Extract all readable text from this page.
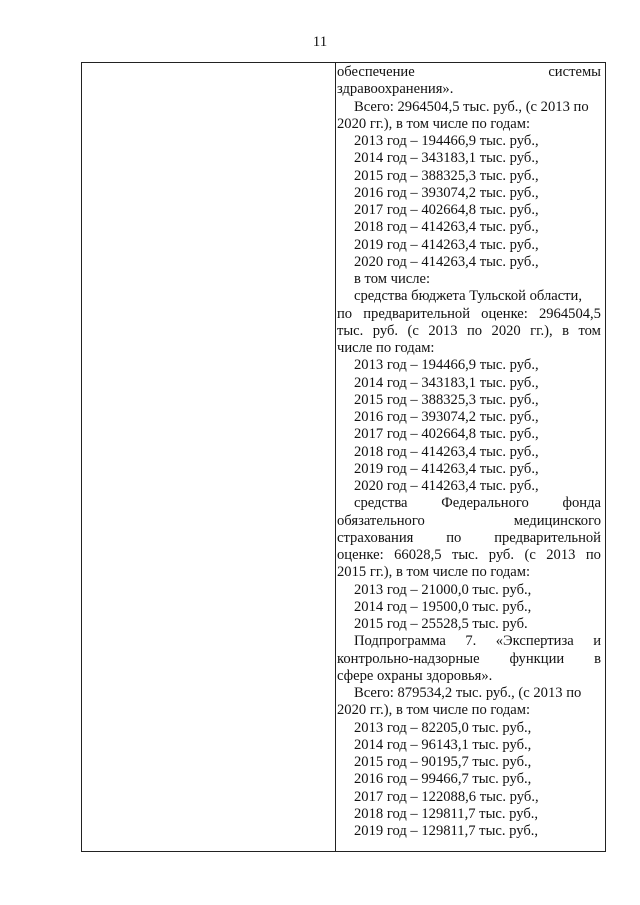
11
обеспечение	системы
здравоохранения».
Всего: 2964504,5 тыс. руб., (с 2013 по
2020 гг.), в том числе по годам:
2013 год – 194466,9 тыс. руб.,
2014 год – 343183,1 тыс. руб.,
2015 год – 388325,3 тыс. руб.,
2016 год – 393074,2 тыс. руб.,
2017 год – 402664,8 тыс. руб.,
2018 год – 414263,4 тыс. руб.,
2019 год – 414263,4 тыс. руб.,
2020 год – 414263,4 тыс. руб.,
в том числе:
средства бюджета Тульской области,
по предварительной оценке: 2964504,5
тыс. руб. (с 2013 по 2020 гг.), в том
числе по годам:
2013 год – 194466,9 тыс. руб.,
2014 год – 343183,1 тыс. руб.,
2015 год – 388325,3 тыс. руб.,
2016 год – 393074,2 тыс. руб.,
2017 год – 402664,8 тыс. руб.,
2018 год – 414263,4 тыс. руб.,
2019 год – 414263,4 тыс. руб.,
2020 год – 414263,4 тыс. руб.,
средства Федерального фонда
обязательного	медицинского
страхования по предварительной
оценке: 66028,5 тыс. руб. (с 2013 по
2015 гг.), в том числе по годам:
2013 год – 21000,0 тыс. руб.,
2014 год – 19500,0 тыс. руб.,
2015 год – 25528,5 тыс. руб.
Подпрограмма 7. «Экспертиза и
контрольно-надзорные функции в
сфере охраны здоровья».
Всего: 879534,2 тыс. руб., (с 2013 по
2020 гг.), в том числе по годам:
2013 год – 82205,0 тыс. руб.,
2014 год – 96143,1 тыс. руб.,
2015 год – 90195,7 тыс. руб.,
2016 год – 99466,7 тыс. руб.,
2017 год – 122088,6 тыс. руб.,
2018 год – 129811,7 тыс. руб.,
2019 год – 129811,7 тыс. руб.,
